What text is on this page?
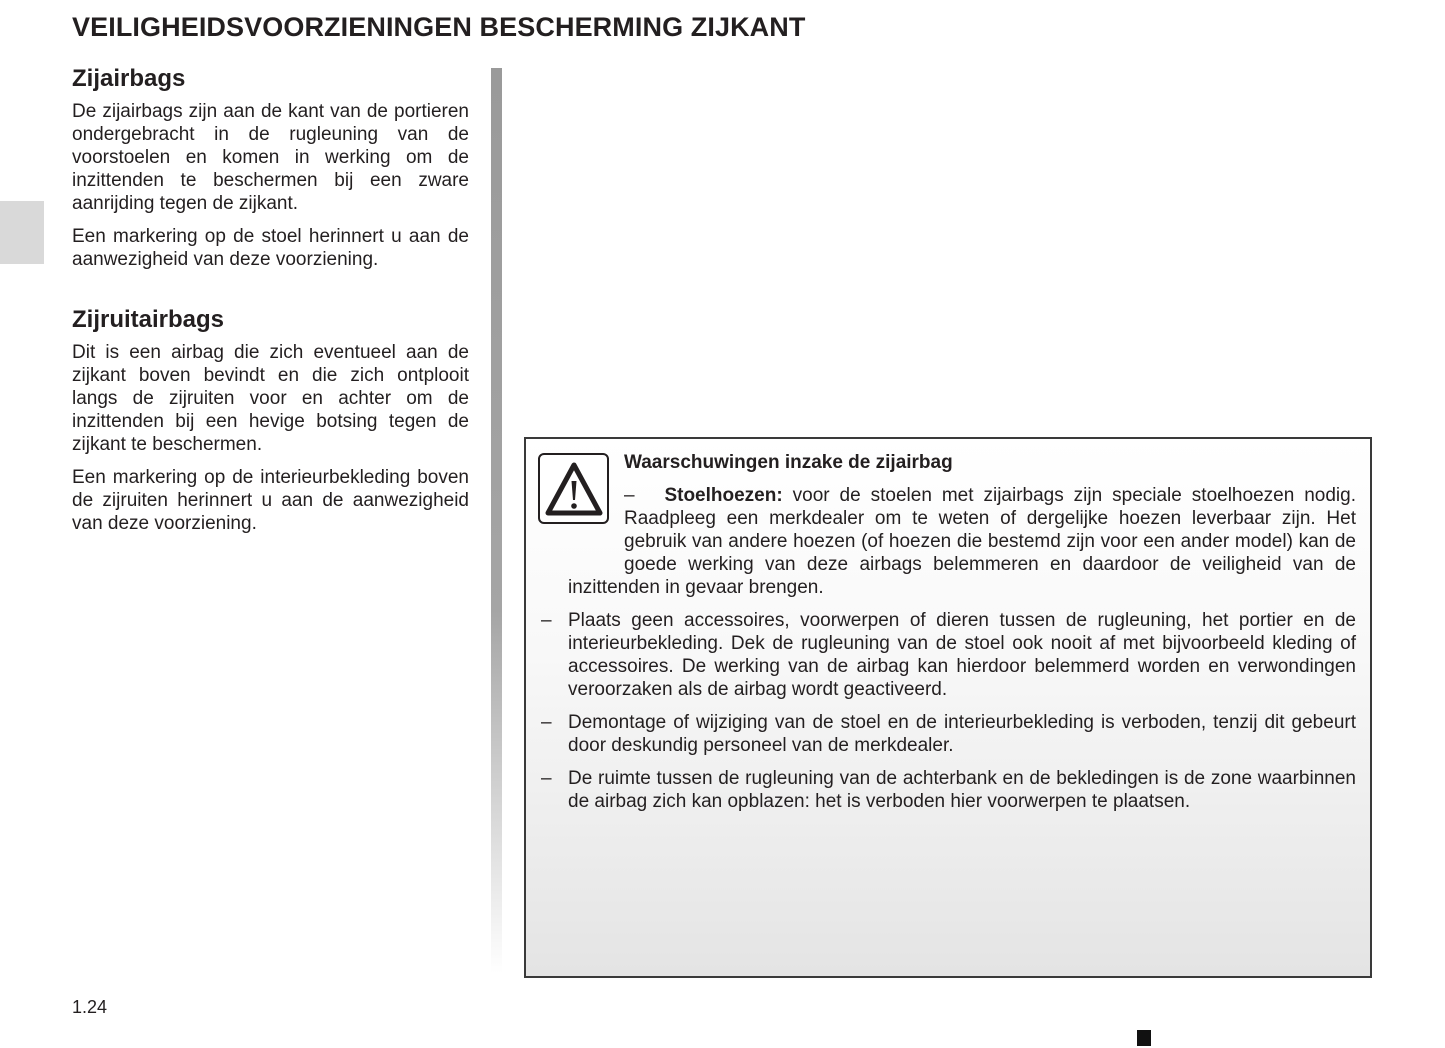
VEILIGHEIDSVOORZIENINGEN BESCHERMING ZIJKANT
Zijairbags

De zijairbags zijn aan de kant van de portieren ondergebracht in de rugleuning van de voorstoelen en komen in werking om de inzittenden te beschermen bij een zware aanrijding tegen de zijkant.

Een markering op de stoel herinnert u aan de aanwezigheid van deze voorziening.

Zijruitairbags

Dit is een airbag die zich eventueel aan de zijkant boven bevindt en die zich ontplooit langs de zijruiten voor en achter om de inzittenden bij een hevige botsing tegen de zijkant te beschermen.

Een markering op de interieurbekleding boven de zijruiten herinnert u aan de aanwezigheid van deze voorziening.

Waarschuwingen inzake de zijairbag

– Stoelhoezen: voor de stoelen met zijairbags zijn speciale stoelhoezen nodig. Raadpleeg een merkdealer om te weten of dergelijke hoezen leverbaar zijn. Het gebruik van andere hoezen (of hoezen die bestemd zijn voor een ander model) kan de goede werking van deze airbags belemmeren en daardoor de veiligheid van de inzittenden in gevaar brengen.

– Plaats geen accessoires, voorwerpen of dieren tussen de rugleuning, het portier en de interieurbekleding. Dek de rugleuning van de stoel ook nooit af met bijvoorbeeld kleding of accessoires. De werking van de airbag kan hierdoor belemmerd worden en verwondingen veroorzaken als de airbag wordt geactiveerd.

– Demontage of wijziging van de stoel en de interieurbekleding is verboden, tenzij dit gebeurt door deskundig personeel van de merkdealer.

– De ruimte tussen de rugleuning van de achterbank en de bekledingen is de zone waarbinnen de airbag zich kan opblazen: het is verboden hier voorwerpen te plaatsen.

1.24
